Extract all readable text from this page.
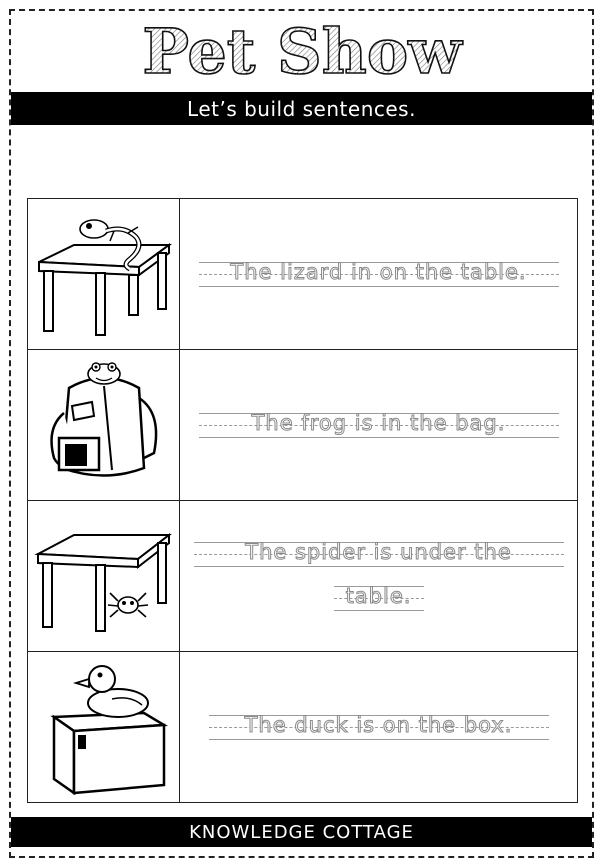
Pet Show
Let’s build sentences.

The lizard in on the table.

The frog is in the bag.

The spider is under the
table.

The duck is on the box.
KNOWLEDGE COTTAGE
